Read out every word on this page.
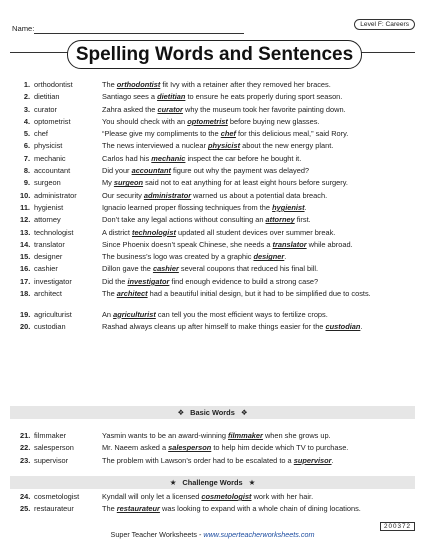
Name:	Level F: Careers
Spelling Words and Sentences
1. orthodontist	The orthodontist fit Ivy with a retainer after they removed her braces.
2. dietitian	Santiago sees a dietitian to ensure he eats properly during sport season.
3. curator	Zahra asked the curator why the museum took her favorite painting down.
4. optometrist	You should check with an optometrist before buying new glasses.
5. chef	“Please give my compliments to the chef for this delicious meal,” said Rory.
6. physicist	The news interviewed a nuclear physicist about the new energy plant.
7. mechanic	Carlos had his mechanic inspect the car before he bought it.
8. accountant	Did your accountant figure out why the payment was delayed?
9. surgeon	My surgeon said not to eat anything for at least eight hours before surgery.
10. administrator	Our security administrator warned us about a potential data breach.
11. hygienist	Ignacio learned proper flossing techniques from the hygienist.
12. attorney	Don’t take any legal actions without consulting an attorney first.
13. technologist	A district technologist updated all student devices over summer break.
14. translator	Since Phoenix doesn’t speak Chinese, she needs a translator while abroad.
15. designer	The business’s logo was created by a graphic designer.
16. cashier	Dillon gave the cashier several coupons that reduced his final bill.
17. investigator	Did the investigator find enough evidence to build a strong case?
18. architect	The architect had a beautiful initial design, but it had to be simplified due to costs.
19. agriculturist	An agriculturist can tell you the most efficient ways to fertilize crops.
20. custodian	Rashad always cleans up after himself to make things easier for the custodian.
❖ Basic Words ❖
21. filmmaker	Yasmin wants to be an award-winning filmmaker when she grows up.
22. salesperson	Mr. Naeem asked a salesperson to help him decide which TV to purchase.
23. supervisor	The problem with Lawson’s order had to be escalated to a supervisor.
★ Challenge Words ★
24. cosmetologist	Kyndall will only let a licensed cosmetologist work with her hair.
25. restaurateur	The restaurateur was looking to expand with a whole chain of dining locations.
Super Teacher Worksheets - www.superteacherworksheets.com
200372
